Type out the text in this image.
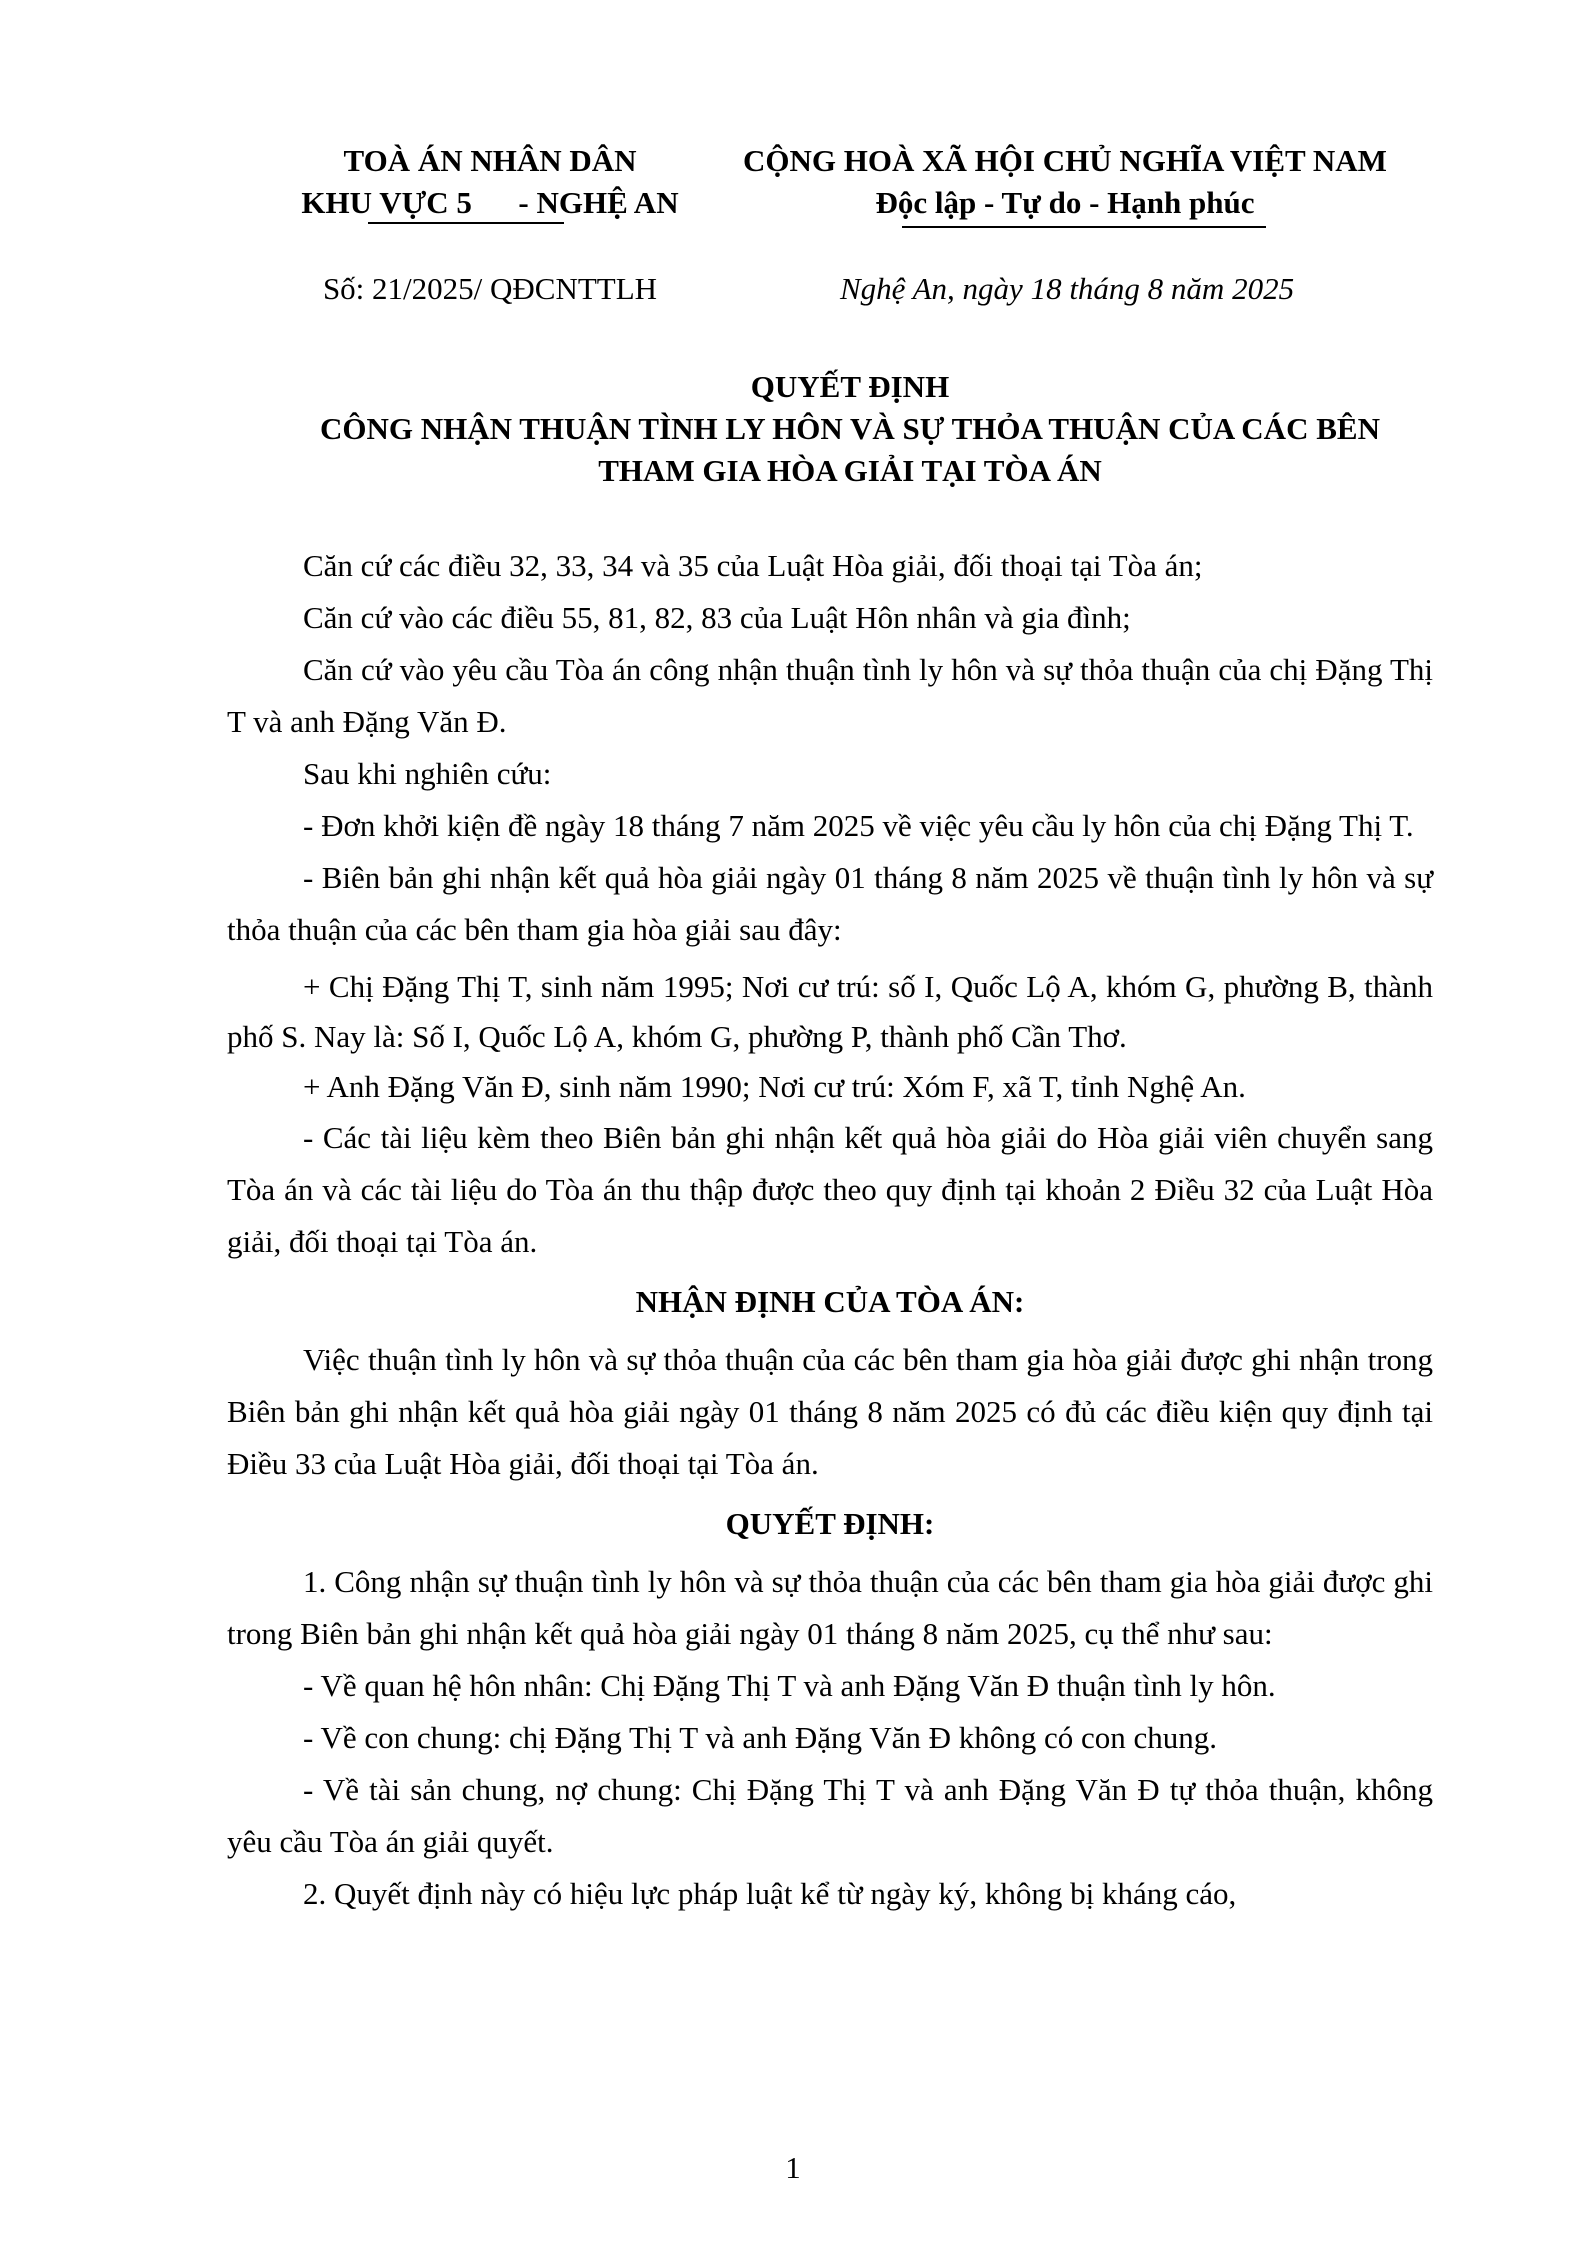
TOÀ ÁN NHÂN DÂN
KHU VỰC 5      - NGHỆ AN
CỘNG HOÀ XÃ HỘI CHỦ NGHĨA VIỆT NAM
Độc lập - Tự do - Hạnh phúc
Số: 21/2025/ QĐCNTTLH	Nghệ An, ngày 18 tháng 8 năm 2025
QUYẾT ĐỊNH
CÔNG NHẬN THUẬN TÌNH LY HÔN VÀ SỰ THỎA THUẬN CỦA CÁC BÊN
THAM GIA HÒA GIẢI TẠI TÒA ÁN

Căn cứ các điều 32, 33, 34 và 35 của Luật Hòa giải, đối thoại tại Tòa án;

Căn cứ vào các điều 55, 81, 82, 83 của Luật Hôn nhân và gia đình;

Căn cứ vào yêu cầu Tòa án công nhận thuận tình ly hôn và sự thỏa thuận của chị Đặng Thị T và anh Đặng Văn Đ.

Sau khi nghiên cứu:

- Đơn khởi kiện đề ngày 18 tháng 7 năm 2025 về việc yêu cầu ly hôn của chị Đặng Thị T.

- Biên bản ghi nhận kết quả hòa giải ngày 01 tháng 8 năm 2025 về thuận tình ly hôn và sự thỏa thuận của các bên tham gia hòa giải sau đây:

+ Chị Đặng Thị T, sinh năm 1995; Nơi cư trú: số I, Quốc Lộ A, khóm G, phường B, thành phố S. Nay là: Số I, Quốc Lộ A, khóm G, phường P, thành phố Cần Thơ.

+ Anh Đặng Văn Đ, sinh năm 1990; Nơi cư trú: Xóm F, xã T, tỉnh Nghệ An.

- Các tài liệu kèm theo Biên bản ghi nhận kết quả hòa giải do Hòa giải viên chuyển sang Tòa án và các tài liệu do Tòa án thu thập được theo quy định tại khoản 2 Điều 32 của Luật Hòa giải, đối thoại tại Tòa án.

NHẬN ĐỊNH CỦA TÒA ÁN:

Việc thuận tình ly hôn và sự thỏa thuận của các bên tham gia hòa giải được ghi nhận trong Biên bản ghi nhận kết quả hòa giải ngày 01 tháng 8 năm 2025 có đủ các điều kiện quy định tại Điều 33 của Luật Hòa giải, đối thoại tại Tòa án.

QUYẾT ĐỊNH:

1. Công nhận sự thuận tình ly hôn và sự thỏa thuận của các bên tham gia hòa giải được ghi trong Biên bản ghi nhận kết quả hòa giải ngày 01 tháng 8 năm 2025, cụ thể như sau:

- Về quan hệ hôn nhân: Chị Đặng Thị T và anh Đặng Văn Đ thuận tình ly hôn.

- Về con chung: chị Đặng Thị T và anh Đặng Văn Đ không có con chung.

- Về tài sản chung, nợ chung: Chị Đặng Thị T và anh Đặng Văn Đ tự thỏa thuận, không yêu cầu Tòa án giải quyết.

2. Quyết định này có hiệu lực pháp luật kể từ ngày ký, không bị kháng cáo,

1
